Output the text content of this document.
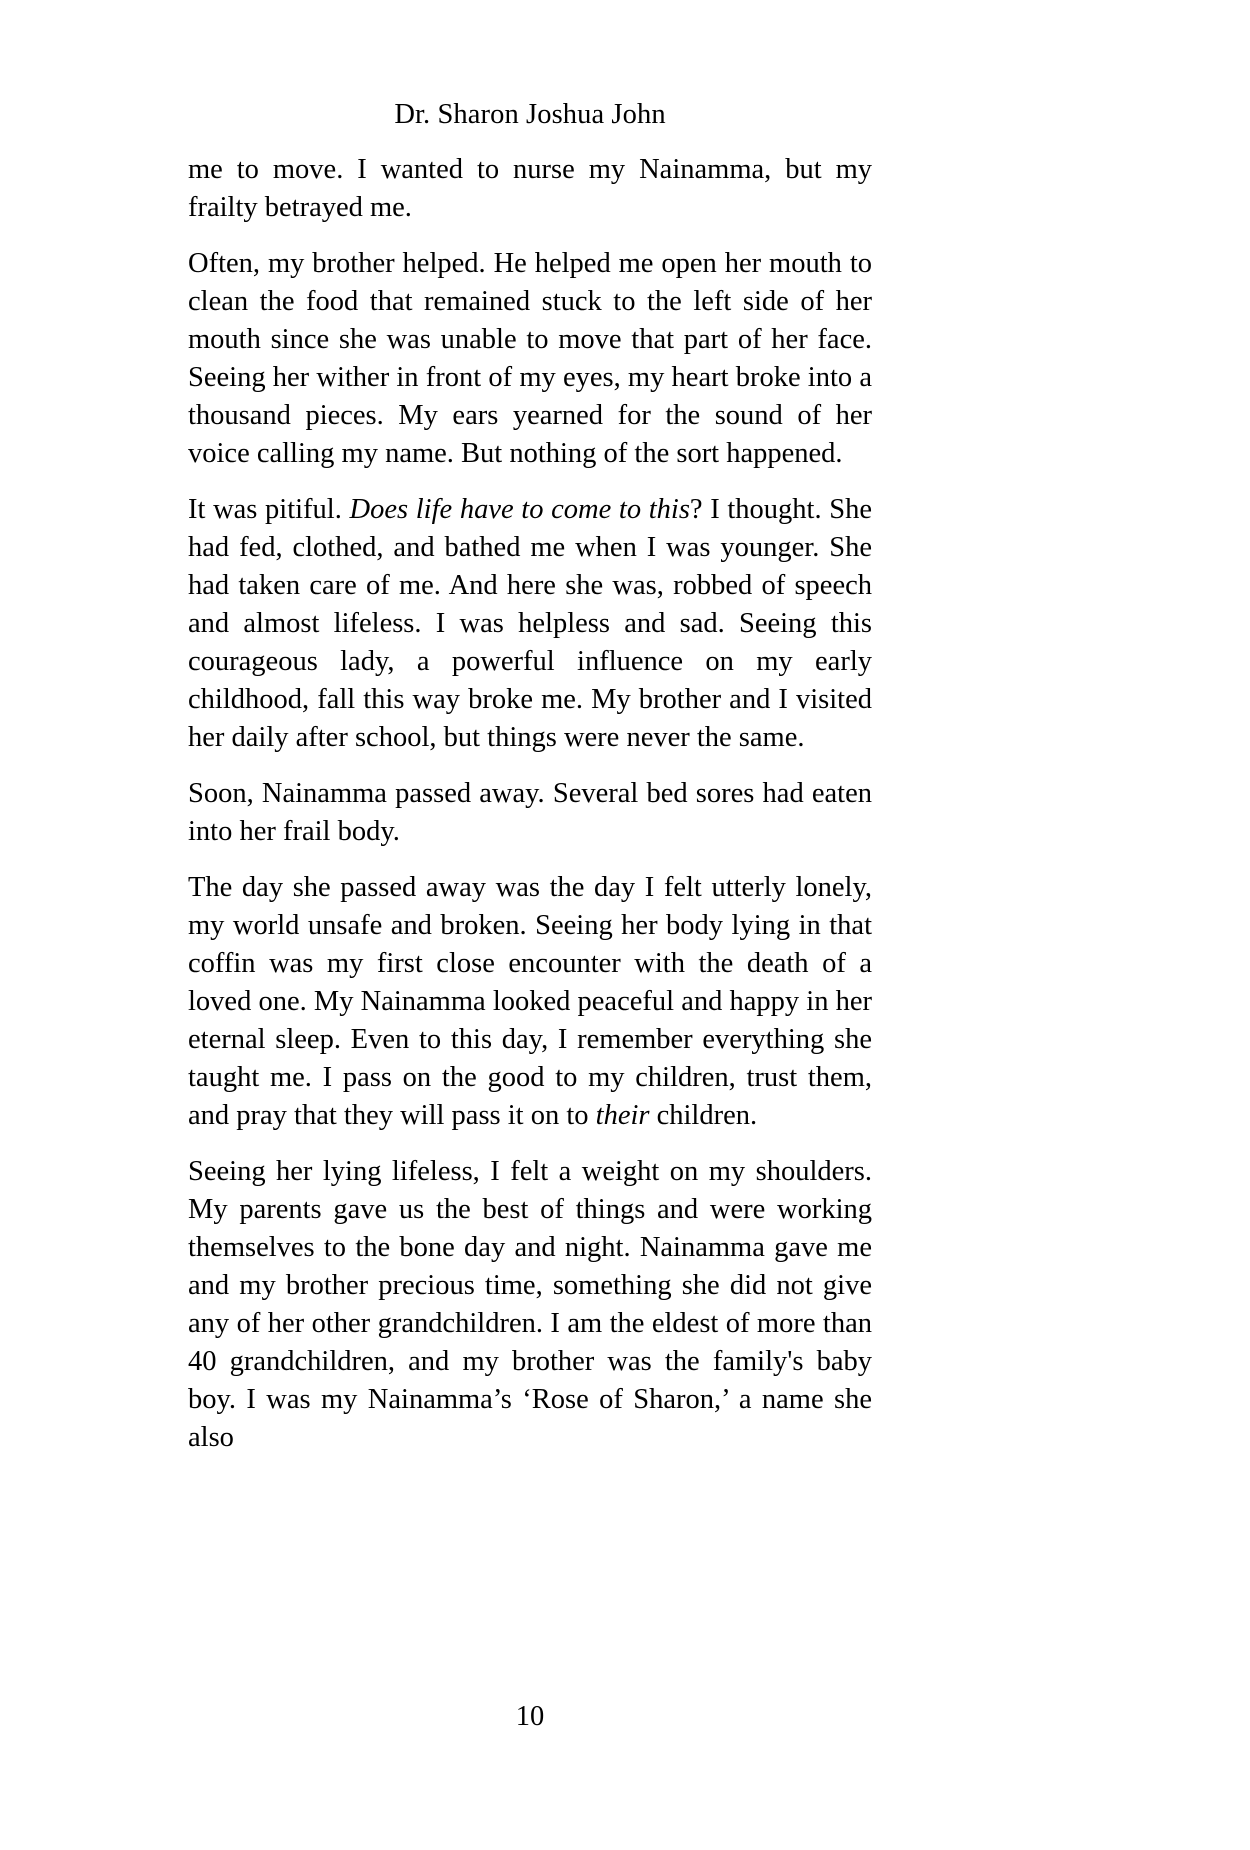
Dr. Sharon Joshua John

me to move. I wanted to nurse my Nainamma, but my frailty betrayed me.

Often, my brother helped. He helped me open her mouth to clean the food that remained stuck to the left side of her mouth since she was unable to move that part of her face. Seeing her wither in front of my eyes, my heart broke into a thousand pieces. My ears yearned for the sound of her voice calling my name. But nothing of the sort happened.

It was pitiful. Does life have to come to this? I thought. She had fed, clothed, and bathed me when I was younger. She had taken care of me. And here she was, robbed of speech and almost lifeless. I was helpless and sad. Seeing this courageous lady, a powerful influence on my early childhood, fall this way broke me. My brother and I visited her daily after school, but things were never the same.

Soon, Nainamma passed away. Several bed sores had eaten into her frail body.

The day she passed away was the day I felt utterly lonely, my world unsafe and broken. Seeing her body lying in that coffin was my first close encounter with the death of a loved one. My Nainamma looked peaceful and happy in her eternal sleep. Even to this day, I remember everything she taught me. I pass on the good to my children, trust them, and pray that they will pass it on to their children.

Seeing her lying lifeless, I felt a weight on my shoulders. My parents gave us the best of things and were working themselves to the bone day and night. Nainamma gave me and my brother precious time, something she did not give any of her other grandchildren. I am the eldest of more than 40 grandchildren, and my brother was the family's baby boy. I was my Nainamma’s ‘Rose of Sharon,’ a name she also

10
